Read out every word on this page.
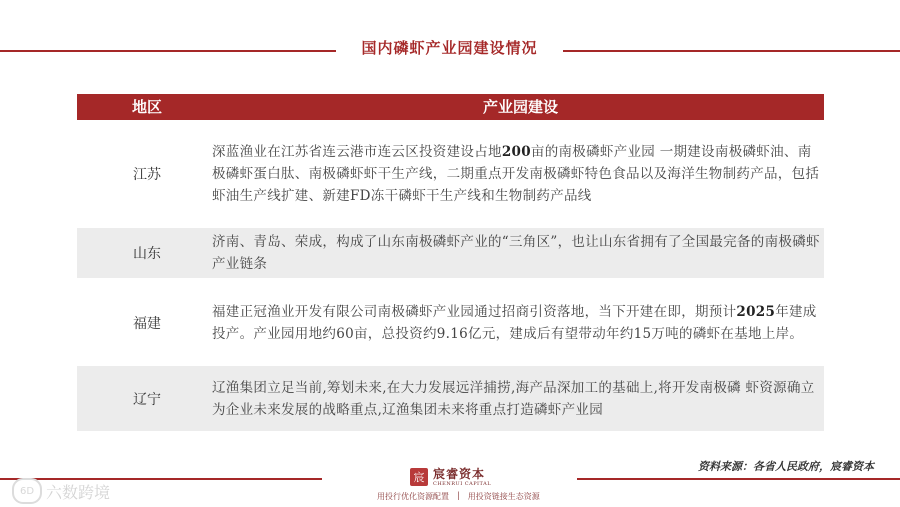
国内磷虾产业园建设情况
地区	产业园建设
江苏
深蓝渔业在江苏省连云港市连云区投资建设占地200亩的南极磷虾产业园 一期建设南极磷虾油、南极磷虾蛋白肽、南极磷虾虾干生产线，二期重点开发南极磷虾特色食品以及海洋生物制药产品，包括虾油生产线扩建、新建FD冻干磷虾干生产线和生物制药产品线
山东
济南、青岛、荣成，构成了山东南极磷虾产业的“三角区”，也让山东省拥有了全国最完备的南极磷虾产业链条
福建
福建正冠渔业开发有限公司南极磷虾产业园通过招商引资落地，当下开建在即，期预计2025年建成投产。产业园用地约60亩，总投资约9.16亿元，建成后有望带动年约15万吨的磷虾在基地上岸。
辽宁
辽渔集团立足当前,筹划未来,在大力发展远洋捕捞,海产品深加工的基础上,将开发南极磷 虾资源确立为企业未来发展的战略重点,辽渔集团未来将重点打造磷虾产业园
资料来源：各省人民政府，宸睿资本
宸 宸睿资本
CHENRUI CAPITAL
用投行优化资源配置 | 用投资链接生态资源
6D 六数跨境
